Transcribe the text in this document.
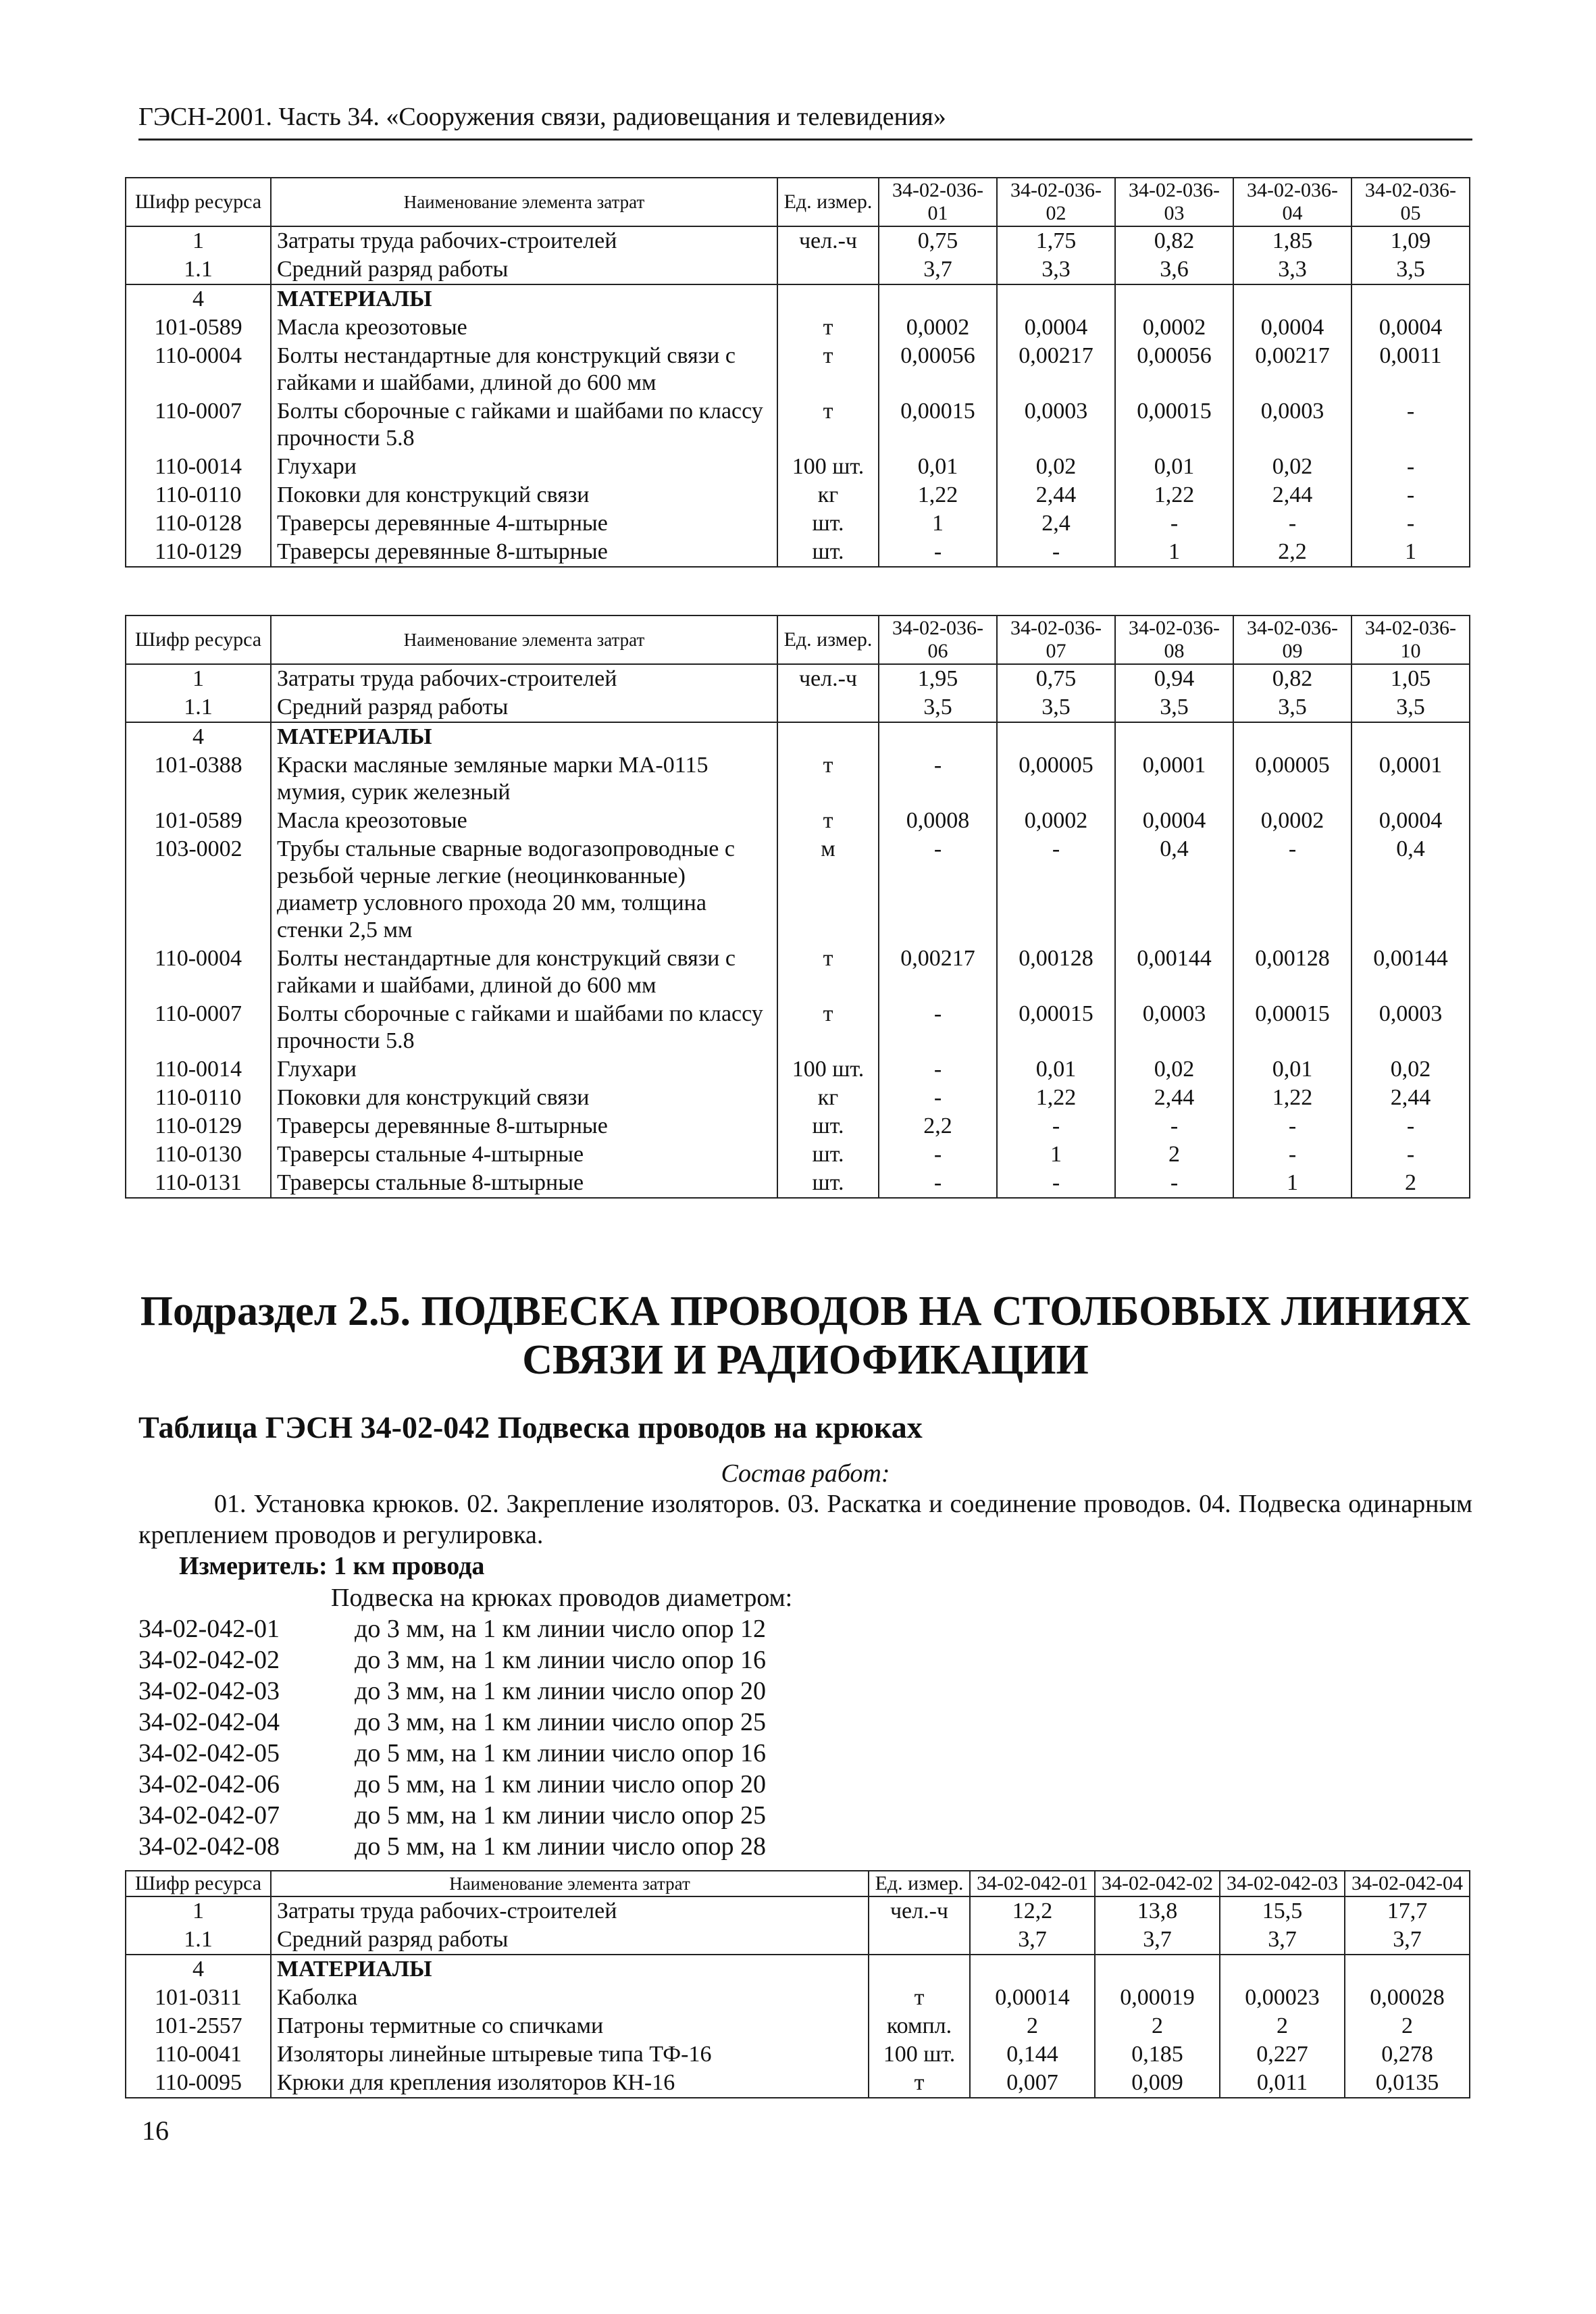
ГЭСН-2001. Часть 34. «Сооружения связи, радиовещания и телевидения»
Шифр ресурса	Наименование элемента затрат	Ед. измер.	34-02-036-01	34-02-036-02	34-02-036-03	34-02-036-04	34-02-036-05
1	Затраты труда рабочих-строителей	чел.-ч	0,75	1,75	0,82	1,85	1,09
1.1	Средний разряд работы		3,7	3,3	3,6	3,3	3,5
4	МАТЕРИАЛЫ						
101-0589	Масла креозотовые	т	0,0002	0,0004	0,0002	0,0004	0,0004
110-0004	Болты нестандартные для конструкций связи с гайками и шайбами, длиной до 600 мм	т	0,00056	0,00217	0,00056	0,00217	0,0011
110-0007	Болты сборочные с гайками и шайбами по классу прочности 5.8	т	0,00015	0,0003	0,00015	0,0003	-
110-0014	Глухари	100 шт.	0,01	0,02	0,01	0,02	-
110-0110	Поковки для конструкций связи	кг	1,22	2,44	1,22	2,44	-
110-0128	Траверсы деревянные 4-штырные	шт.	1	2,4	-	-	-
110-0129	Траверсы деревянные 8-штырные	шт.	-	-	1	2,2	1
Шифр ресурса	Наименование элемента затрат	Ед. измер.	34-02-036-06	34-02-036-07	34-02-036-08	34-02-036-09	34-02-036-10
1	Затраты труда рабочих-строителей	чел.-ч	1,95	0,75	0,94	0,82	1,05
1.1	Средний разряд работы		3,5	3,5	3,5	3,5	3,5
4	МАТЕРИАЛЫ						
101-0388	Краски масляные земляные марки МА-0115 мумия, сурик железный	т	-	0,00005	0,0001	0,00005	0,0001
101-0589	Масла креозотовые	т	0,0008	0,0002	0,0004	0,0002	0,0004
103-0002	Трубы стальные сварные водогазопроводные с резьбой черные легкие (неоцинкованные) диаметр условного прохода 20 мм, толщина стенки 2,5 мм	м	-	-	0,4	-	0,4
110-0004	Болты нестандартные для конструкций связи с гайками и шайбами, длиной до 600 мм	т	0,00217	0,00128	0,00144	0,00128	0,00144
110-0007	Болты сборочные с гайками и шайбами по классу прочности 5.8	т	-	0,00015	0,0003	0,00015	0,0003
110-0014	Глухари	100 шт.	-	0,01	0,02	0,01	0,02
110-0110	Поковки для конструкций связи	кг	-	1,22	2,44	1,22	2,44
110-0129	Траверсы деревянные 8-штырные	шт.	2,2	-	-	-	-
110-0130	Траверсы стальные 4-штырные	шт.	-	1	2	-	-
110-0131	Траверсы стальные 8-штырные	шт.	-	-	-	1	2
Подраздел 2.5. ПОДВЕСКА ПРОВОДОВ НА СТОЛБОВЫХ ЛИНИЯХ СВЯЗИ И РАДИОФИКАЦИИ
Таблица ГЭСН 34-02-042 Подвеска проводов на крюках
Состав работ:
01. Установка крюков. 02. Закрепление изоляторов. 03. Раскатка и соединение проводов. 04. Подвеска одинарным креплением проводов и регулировка.
Измеритель: 1 км провода
Подвеска на крюках проводов диаметром:
34-02-042-01	до 3 мм, на 1 км линии число опор 12
34-02-042-02	до 3 мм, на 1 км линии число опор 16
34-02-042-03	до 3 мм, на 1 км линии число опор 20
34-02-042-04	до 3 мм, на 1 км линии число опор 25
34-02-042-05	до 5 мм, на 1 км линии число опор 16
34-02-042-06	до 5 мм, на 1 км линии число опор 20
34-02-042-07	до 5 мм, на 1 км линии число опор 25
34-02-042-08	до 5 мм, на 1 км линии число опор 28
Шифр ресурса	Наименование элемента затрат	Ед. измер.	34-02-042-01	34-02-042-02	34-02-042-03	34-02-042-04
1	Затраты труда рабочих-строителей	чел.-ч	12,2	13,8	15,5	17,7
1.1	Средний разряд работы		3,7	3,7	3,7	3,7
4	МАТЕРИАЛЫ					
101-0311	Каболка	т	0,00014	0,00019	0,00023	0,00028
101-2557	Патроны термитные со спичками	компл.	2	2	2	2
110-0041	Изоляторы линейные штыревые типа ТФ-16	100 шт.	0,144	0,185	0,227	0,278
110-0095	Крюки для крепления изоляторов КН-16	т	0,007	0,009	0,011	0,0135
16
